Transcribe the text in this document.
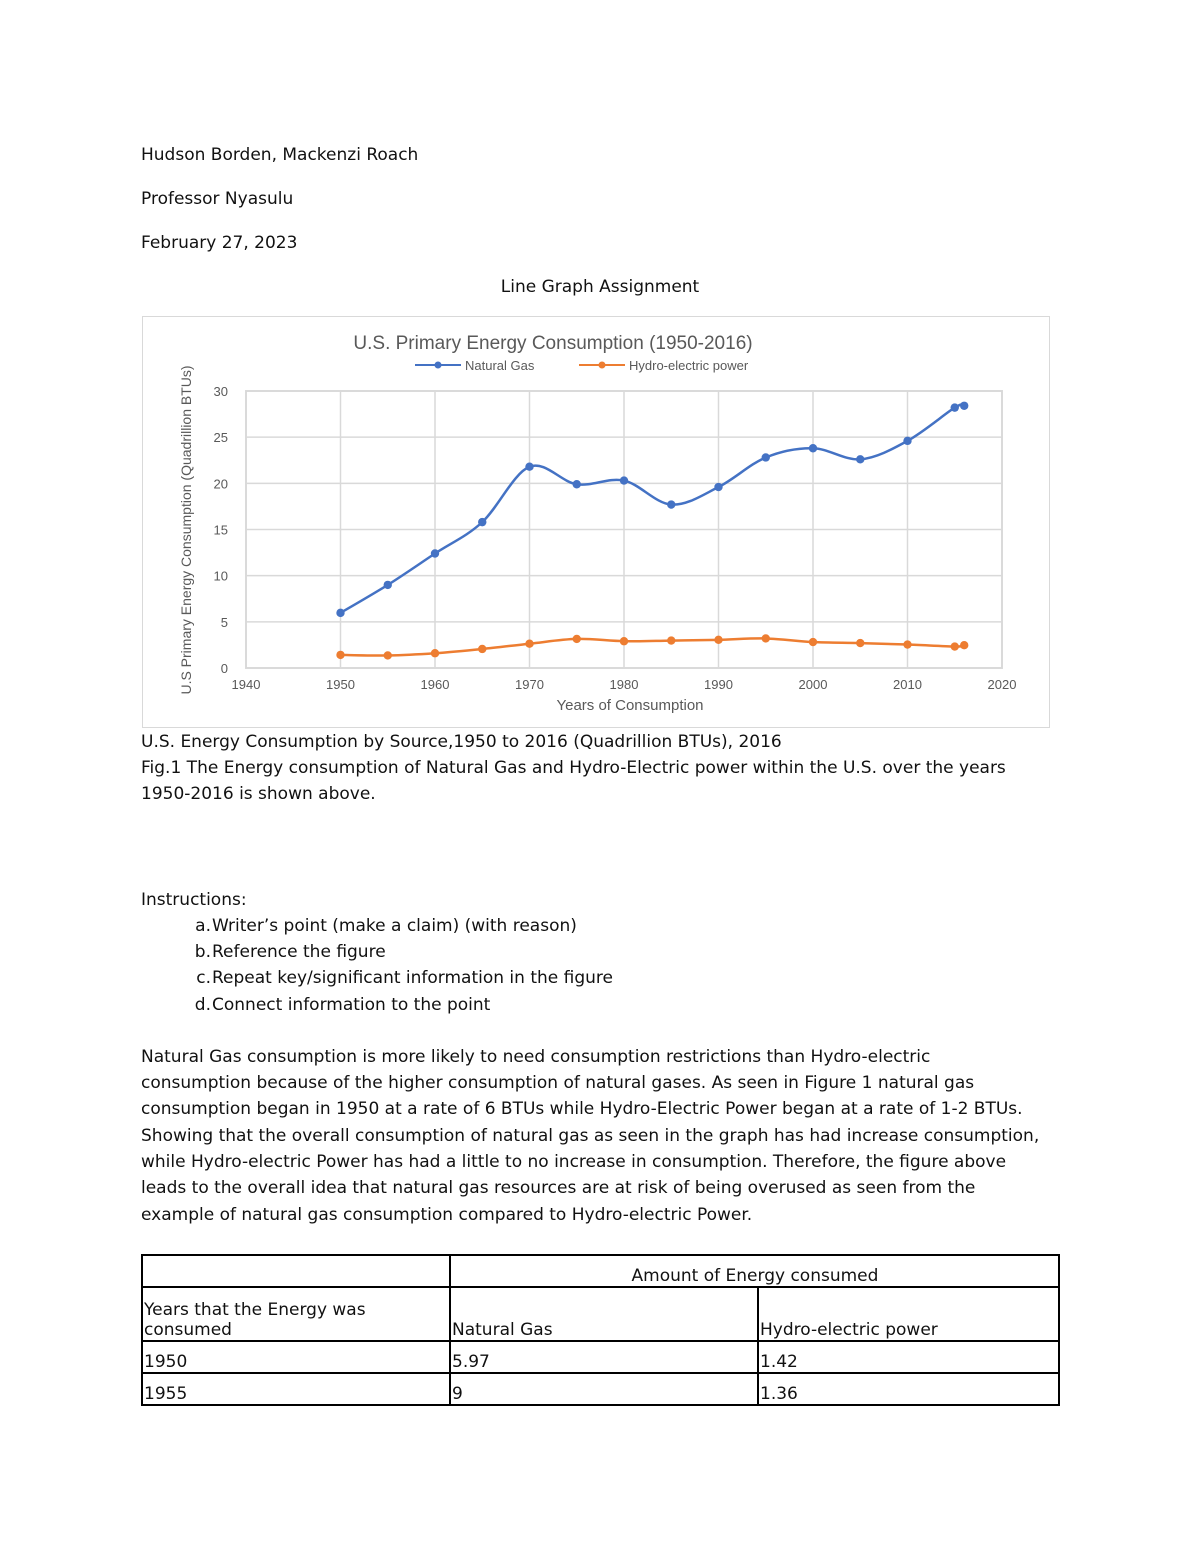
Hudson Borden, Mackenzi Roach
Professor Nyasulu
February 27, 2023
Line Graph Assignment
U.S. Primary Energy Consumption (1950-2016)
Natural Gas	Hydro-electric power
0
5
10
15
20
25
30
1940	1950	1960	1970	1980	1990	2000	2010	2020
Years of Consumption
U.S Primary Energy Consumption (Quadrillion BTUs)
U.S. Energy Consumption by Source,1950 to 2016 (Quadrillion BTUs), 2016
Fig.1 The Energy consumption of Natural Gas and Hydro-Electric power within the U.S. over the years
1950-2016 is shown above.
Instructions:
a. Writer’s point (make a claim) (with reason)
b. Reference the figure
c. Repeat key/significant information in the figure
d. Connect information to the point
Natural Gas consumption is more likely to need consumption restrictions than Hydro-electric
consumption because of the higher consumption of natural gases. As seen in Figure 1 natural gas
consumption began in 1950 at a rate of 6 BTUs while Hydro-Electric Power began at a rate of 1-2 BTUs.
Showing that the overall consumption of natural gas as seen in the graph has had increase consumption,
while Hydro-electric Power has had a little to no increase in consumption. Therefore, the figure above
leads to the overall idea that natural gas resources are at risk of being overused as seen from the
example of natural gas consumption compared to Hydro-electric Power.
	Amount of Energy consumed	
Years that the Energy was
consumed	Natural Gas	Hydro-electric power
1950	5.97	1.42
1955	9	1.36
